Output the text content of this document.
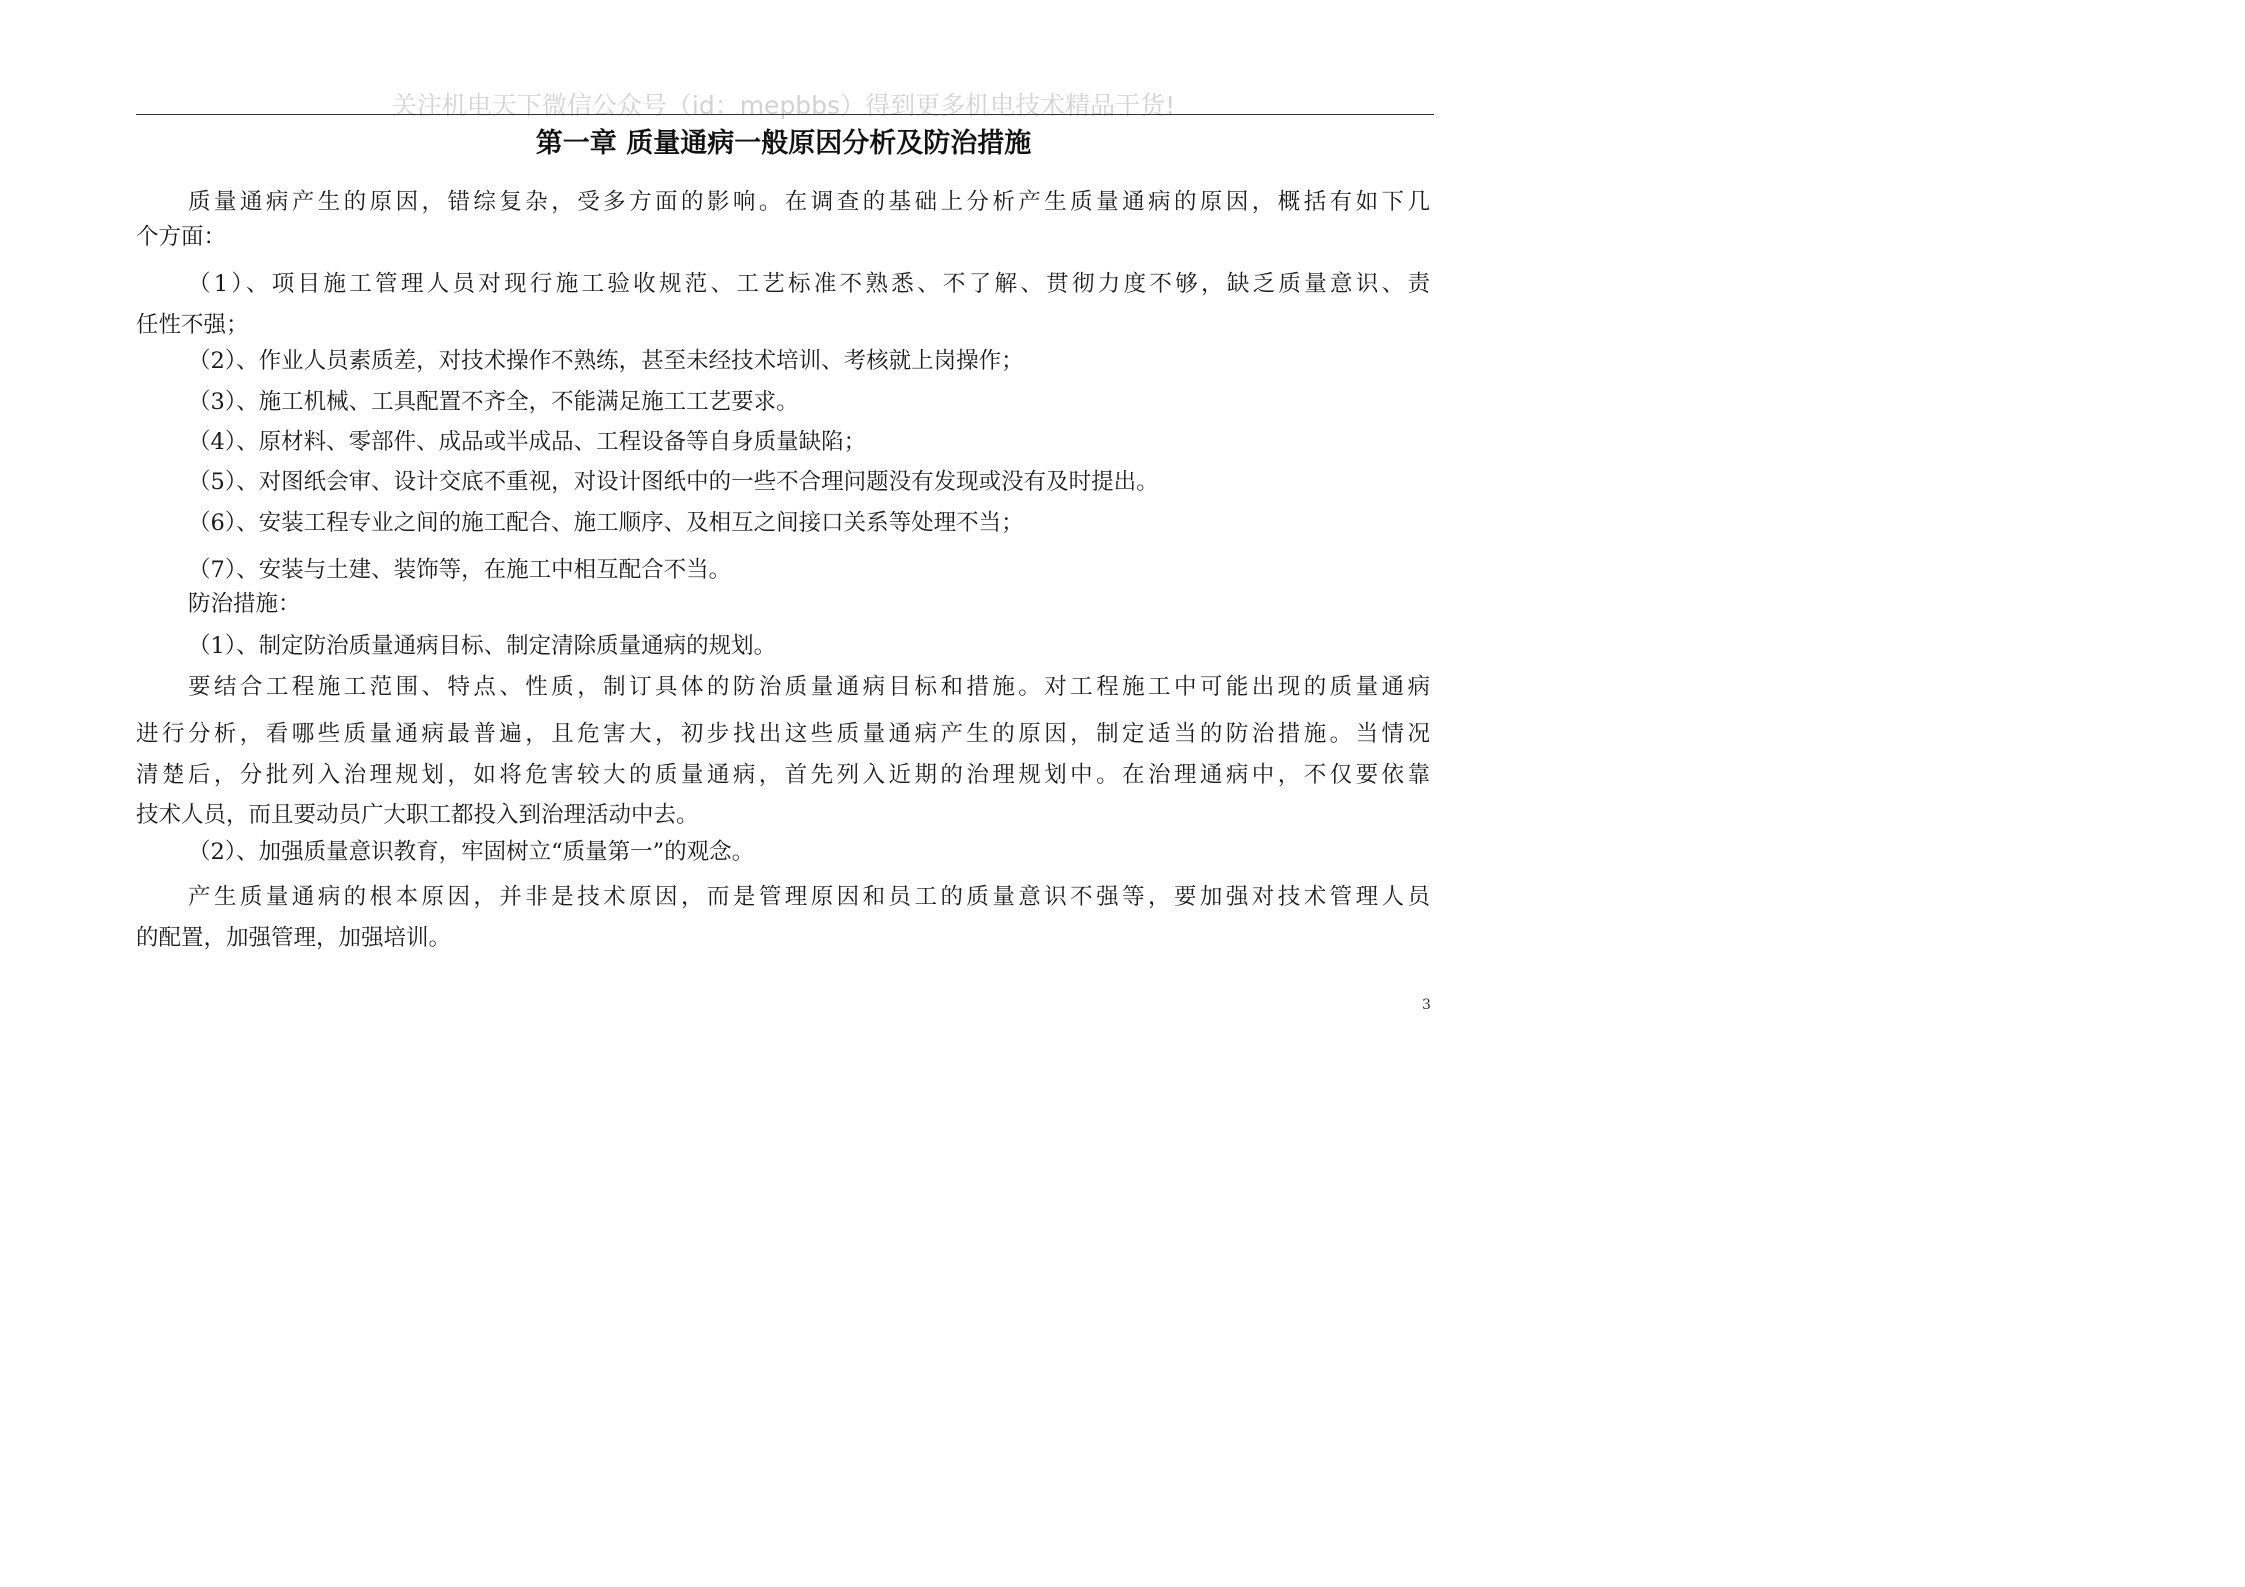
关注机电天下微信公众号（id：mepbbs）得到更多机电技术精品干货!
第一章 质量通病一般原因分析及防治措施
质量通病产生的原因，错综复杂，受多方面的影响。在调查的基础上分析产生质量通病的原因，概括有如下几
个方面：
（1）、项目施工管理人员对现行施工验收规范、工艺标准不熟悉、不了解、贯彻力度不够，缺乏质量意识、责
任性不强；
（2）、作业人员素质差，对技术操作不熟练，甚至未经技术培训、考核就上岗操作；
（3）、施工机械、工具配置不齐全，不能满足施工工艺要求。
（4）、原材料、零部件、成品或半成品、工程设备等自身质量缺陷；
（5）、对图纸会审、设计交底不重视，对设计图纸中的一些不合理问题没有发现或没有及时提出。
（6）、安装工程专业之间的施工配合、施工顺序、及相互之间接口关系等处理不当；
（7）、安装与土建、装饰等，在施工中相互配合不当。
防治措施：
（1）、制定防治质量通病目标、制定清除质量通病的规划。
要结合工程施工范围、特点、性质，制订具体的防治质量通病目标和措施。对工程施工中可能出现的质量通病
进行分析，看哪些质量通病最普遍，且危害大，初步找出这些质量通病产生的原因，制定适当的防治措施。当情况
清楚后，分批列入治理规划，如将危害较大的质量通病，首先列入近期的治理规划中。在治理通病中，不仅要依靠
技术人员，而且要动员广大职工都投入到治理活动中去。
（2）、加强质量意识教育，牢固树立“质量第一”的观念。
产生质量通病的根本原因，并非是技术原因，而是管理原因和员工的质量意识不强等，要加强对技术管理人员
的配置，加强管理，加强培训。
3
